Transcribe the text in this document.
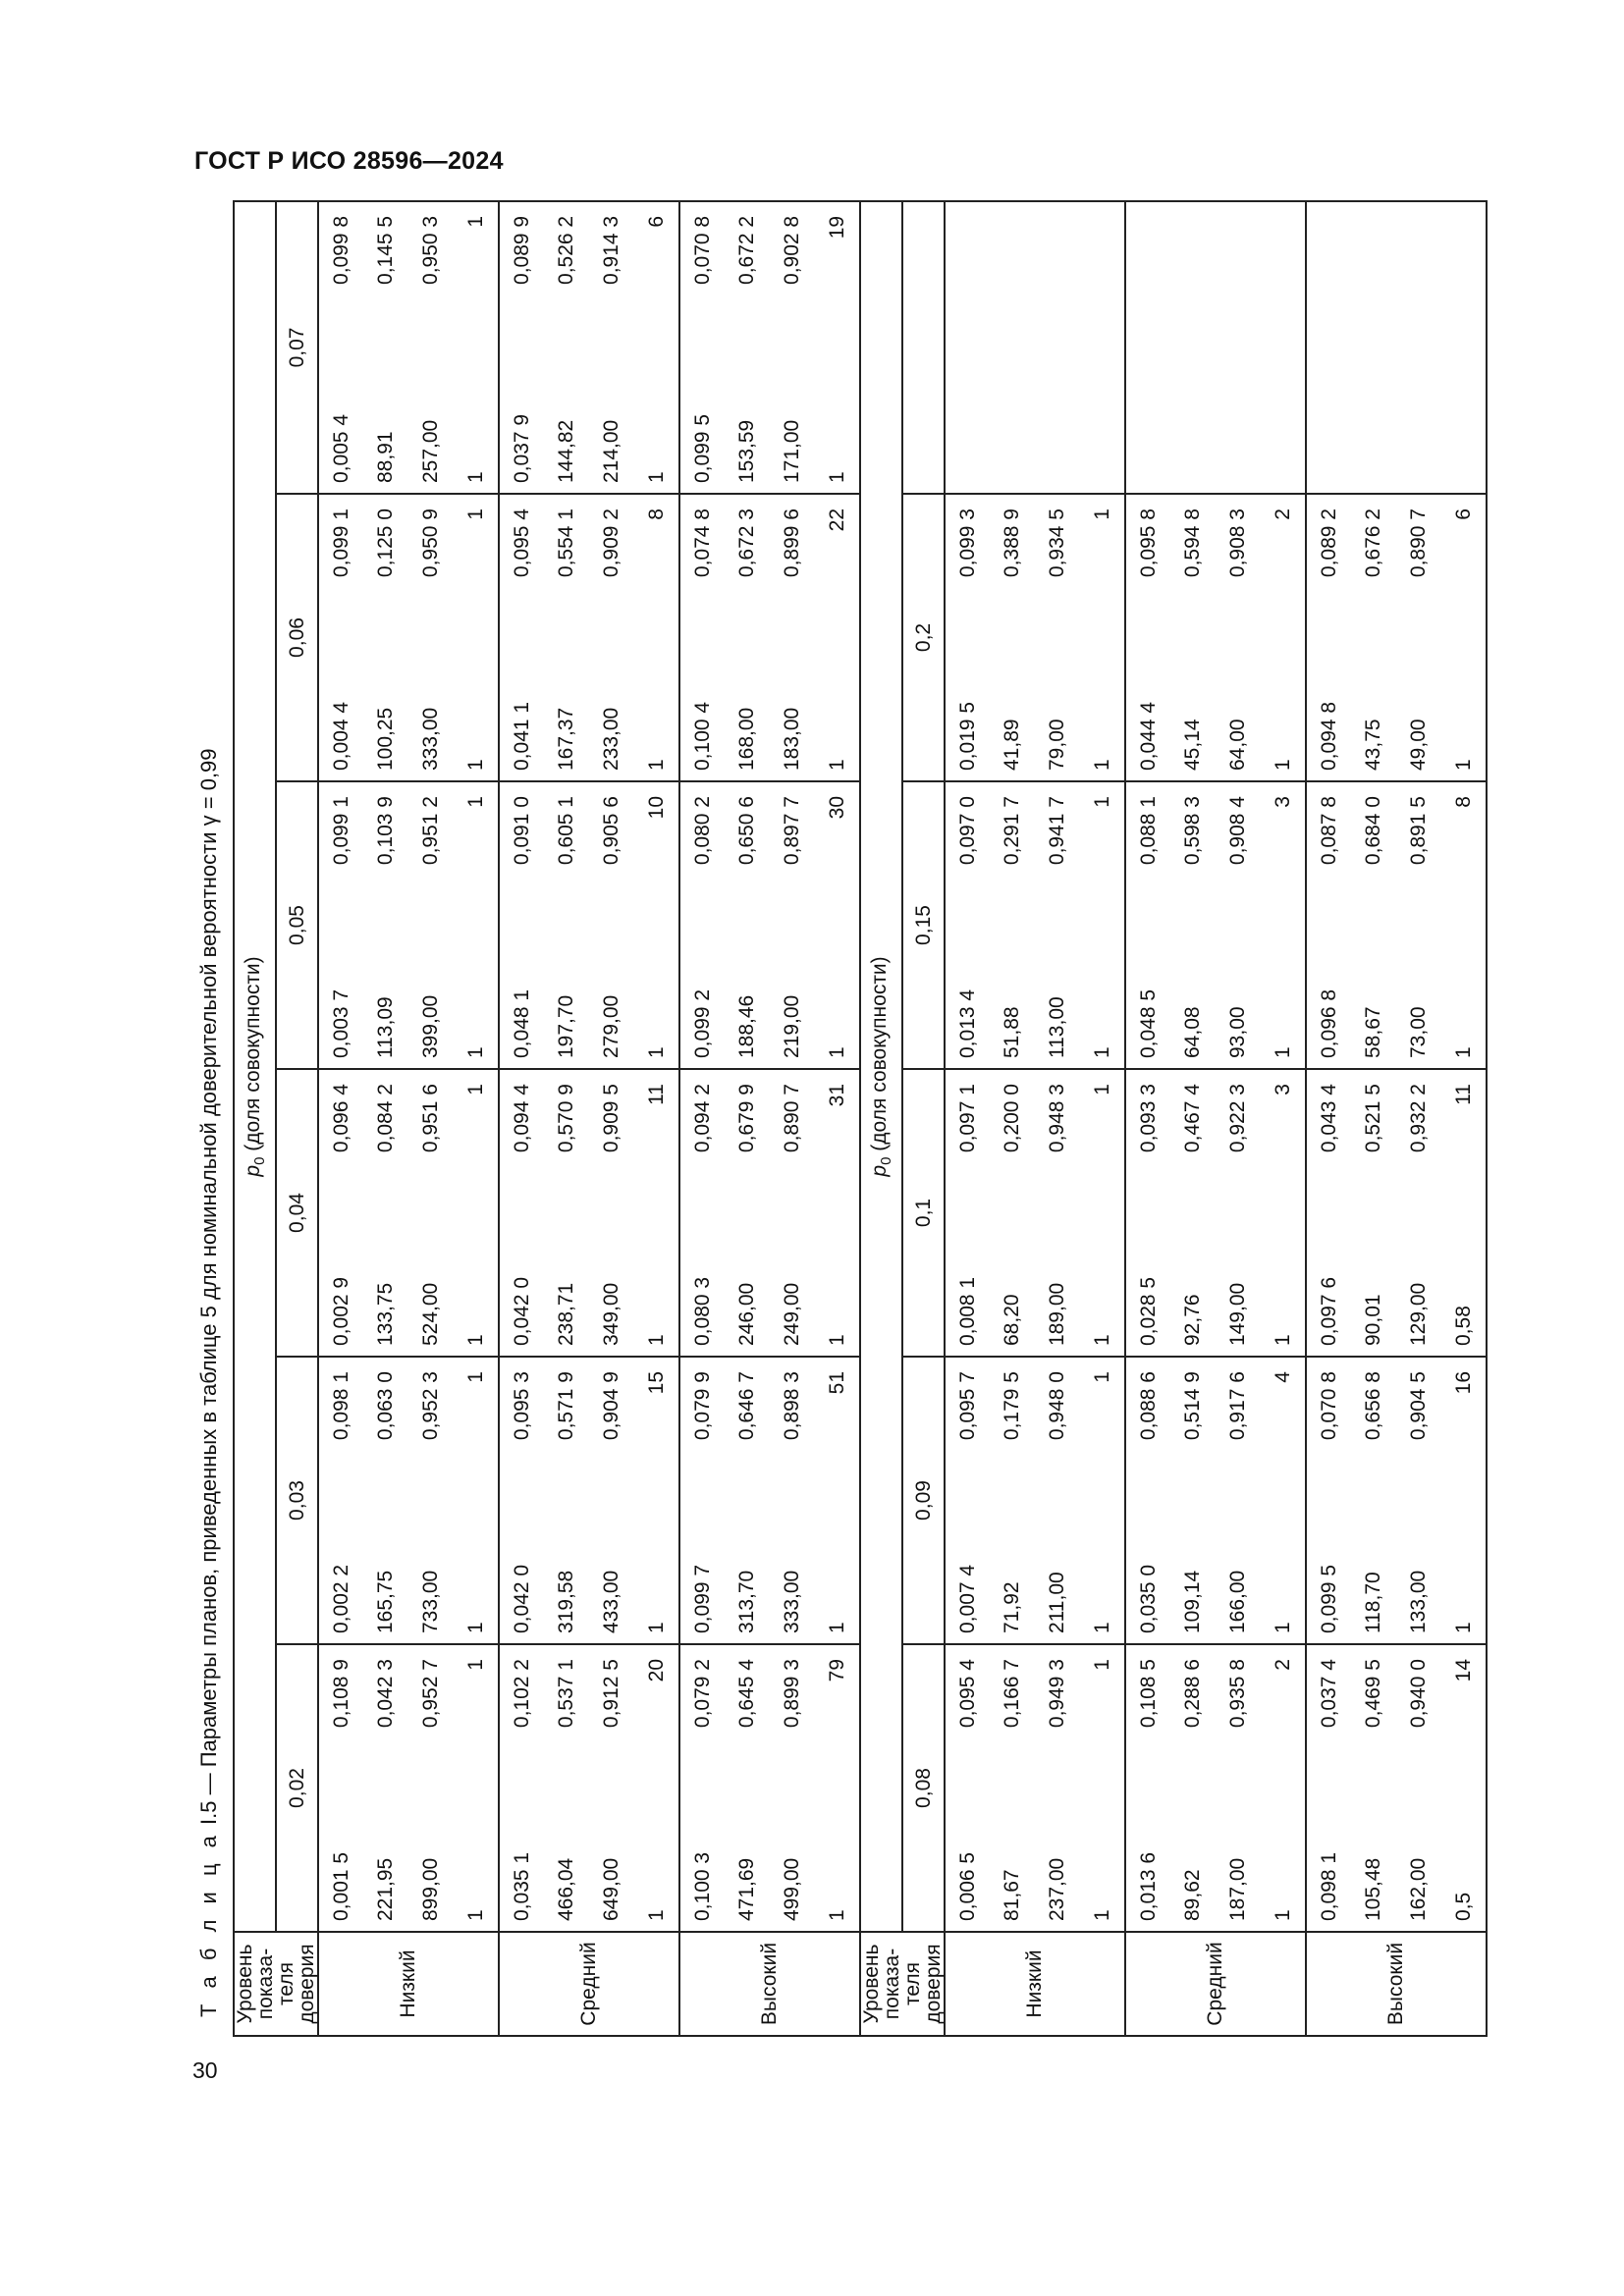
ГОСТ Р ИСО 28596—2024
30
Т а б л и ц а I.5 — Параметры планов, приведенных в таблице 5 для номинальной доверительной вероятности γ = 0,99
Уровень показа-теля доверия	$p_0$ (доля совокупности)											
	0,02		0,03		0,04		0,05		0,06		0,07	
Низкий	0,001 5	0,108 9	0,002 2	0,098 1	0,002 9	0,096 4	0,003 7	0,099 1	0,004 4	0,099 1	0,005 4	0,099 8
	221,95	0,042 3	165,75	0,063 0	133,75	0,084 2	113,09	0,103 9	100,25	0,125 0	88,91	0,145 5
	899,00	0,952 7	733,00	0,952 3	524,00	0,951 6	399,00	0,951 2	333,00	0,950 9	257,00	0,950 3
	1	1	1	1	1	1	1	1	1	1	1	1
Средний	0,035 1	0,102 2	0,042 0	0,095 3	0,042 0	0,094 4	0,048 1	0,091 0	0,041 1	0,095 4	0,037 9	0,089 9
	466,04	0,537 1	319,58	0,571 9	238,71	0,570 9	197,70	0,605 1	167,37	0,554 1	144,82	0,526 2
	649,00	0,912 5	433,00	0,904 9	349,00	0,909 5	279,00	0,905 6	233,00	0,909 2	214,00	0,914 3
	1	20	1	15	1	11	1	10	1	8	1	6
Высокий	0,100 3	0,079 2	0,099 7	0,079 9	0,080 3	0,094 2	0,099 2	0,080 2	0,100 4	0,074 8	0,099 5	0,070 8
	471,69	0,645 4	313,70	0,646 7	246,00	0,679 9	188,46	0,650 6	168,00	0,672 3	153,59	0,672 2
	499,00	0,899 3	333,00	0,898 3	249,00	0,890 7	219,00	0,897 7	183,00	0,899 6	171,00	0,902 8
	1	79	1	51	1	31	1	30	1	22	1	19
Уровень показа-теля доверия	$p_0$ (доля совокупности)											
	0,08		0,09		0,1		0,15		0,2			
Низкий	0,006 5	0,095 4	0,007 4	0,095 7	0,008 1	0,097 1	0,013 4	0,097 0	0,019 5	0,099 3		
	81,67	0,166 7	71,92	0,179 5	68,20	0,200 0	51,88	0,291 7	41,89	0,388 9		
	237,00	0,949 3	211,00	0,948 0	189,00	0,948 3	113,00	0,941 7	79,00	0,934 5		
	1	1	1	1	1	1	1	1	1	1		
Средний	0,013 6	0,108 5	0,035 0	0,088 6	0,028 5	0,093 3	0,048 5	0,088 1	0,044 4	0,095 8		
	89,62	0,288 6	109,14	0,514 9	92,76	0,467 4	64,08	0,598 3	45,14	0,594 8		
	187,00	0,935 8	166,00	0,917 6	149,00	0,922 3	93,00	0,908 4	64,00	0,908 3		
	1	2	1	4	1	3	1	3	1	2		
Высокий	0,098 1	0,037 4	0,099 5	0,070 8	0,097 6	0,043 4	0,096 8	0,087 8	0,094 8	0,089 2		
	105,48	0,469 5	118,70	0,656 8	90,01	0,521 5	58,67	0,684 0	43,75	0,676 2		
	162,00	0,940 0	133,00	0,904 5	129,00	0,932 2	73,00	0,891 5	49,00	0,890 7		
	0,5	14	1	16	0,58	11	1	8	1	6		
